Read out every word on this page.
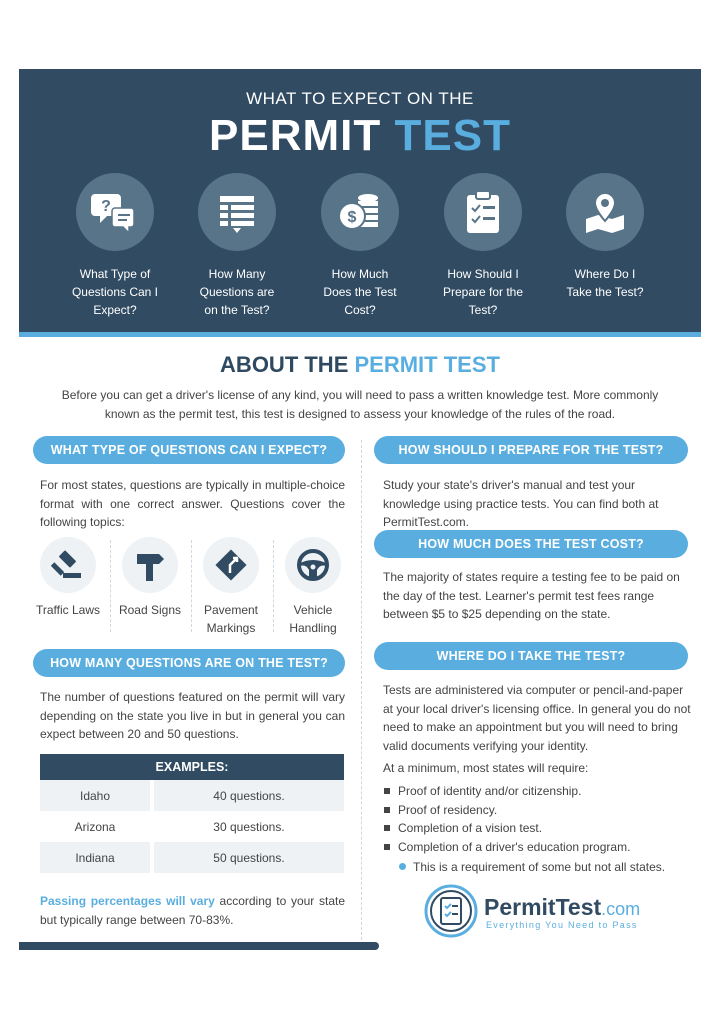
WHAT TO EXPECT ON THE
PERMIT TEST
?
What Type of
Questions Can I
Expect?
How Many
Questions are
on the Test?
$
How Much
Does the Test
Cost?
How Should I
Prepare for the
Test?
Where Do I
Take the Test?
ABOUT THE PERMIT TEST
Before you can get a driver's license of any kind, you will need to pass a written knowledge test. More commonly known as the permit test, this test is designed to assess your knowledge of the rules of the road.
WHAT TYPE OF QUESTIONS CAN I EXPECT?
For most states, questions are typically in multiple-choice format with one correct answer. Questions cover the following topics:
Traffic Laws	Road Signs	Pavement
Markings
Vehicle
Handling
HOW MANY QUESTIONS ARE ON THE TEST?
The number of questions featured on the permit will vary depending on the state you live in but in general you can expect between 20 and 50 questions.
EXAMPLES:
Idaho	40 questions.
Arizona	30 questions.
Indiana	50 questions.
Passing percentages will vary according to your state but typically range between 70-83%.
HOW SHOULD I PREPARE FOR THE TEST?
Study your state's driver's manual and test your knowledge using practice tests. You can find both at PermitTest.com.
HOW MUCH DOES THE TEST COST?
The majority of states require a testing fee to be paid on the day of the test. Learner's permit test fees range between $5 to $25 depending on the state.
WHERE DO I TAKE THE TEST?
Tests are administered via computer or pencil-and-paper at your local driver's licensing office. In general you do not need to make an appointment but you will need to bring valid documents verifying your identity.
At a minimum, most states will require:
Proof of identity and/or citizenship.
Proof of residency.
Completion of a vision test.
Completion of a driver's education program.
This is a requirement of some but not all states.
PermitTest.com
Everything You Need to Pass
